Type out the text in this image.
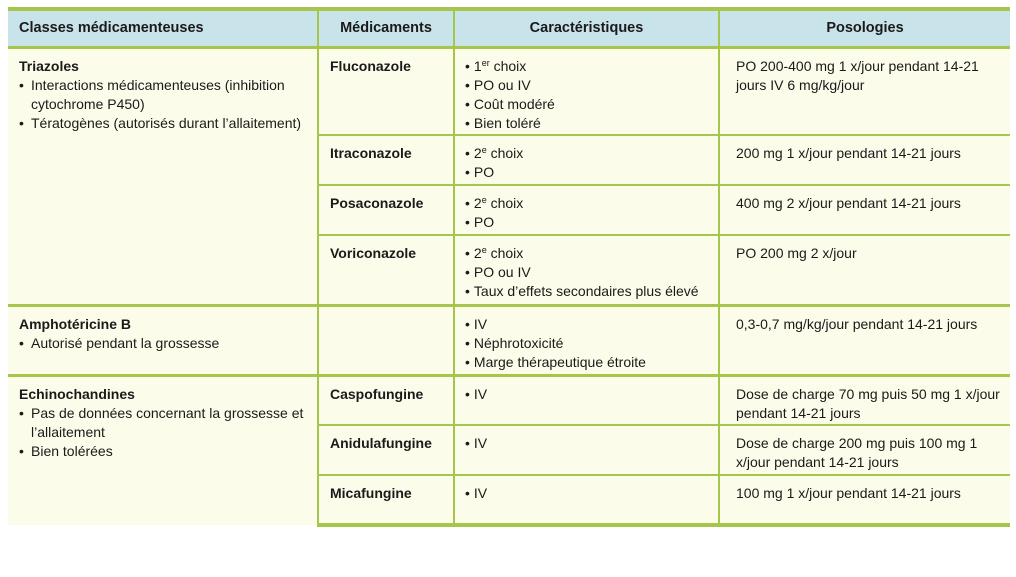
Classes médicamenteuses	Médicaments	Caractéristiques	Posologies

Triazoles
• Interactions médicamenteuses (inhibition cytochrome P450)
• Tératogènes (autorisés durant l’allaitement)	Fluconazole	• 1er choix
• PO ou IV
• Coût modéré
• Bien toléré	PO 200-400 mg 1 x/jour pendant 14-21 jours IV 6 mg/kg/jour
	Itraconazole	• 2e choix
• PO	200 mg 1 x/jour pendant 14-21 jours
	Posaconazole	• 2e choix
• PO	400 mg 2 x/jour pendant 14-21 jours
	Voriconazole	• 2e choix
• PO ou IV
• Taux d’effets secondaires plus élevé	PO 200 mg 2 x/jour

Amphotéricine B
• Autorisé pendant la grossesse		• IV
• Néphrotoxicité
• Marge thérapeutique étroite	0,3-0,7 mg/kg/jour pendant 14-21 jours

Echinochandines
• Pas de données concernant la grossesse et l’allaitement
• Bien tolérées	Caspofungine	• IV	Dose de charge 70 mg puis 50 mg 1 x/jour pendant 14-21 jours
	Anidulafungine	• IV	Dose de charge 200 mg puis 100 mg 1 x/jour pendant 14-21 jours
	Micafungine	• IV	100 mg 1 x/jour pendant 14-21 jours
